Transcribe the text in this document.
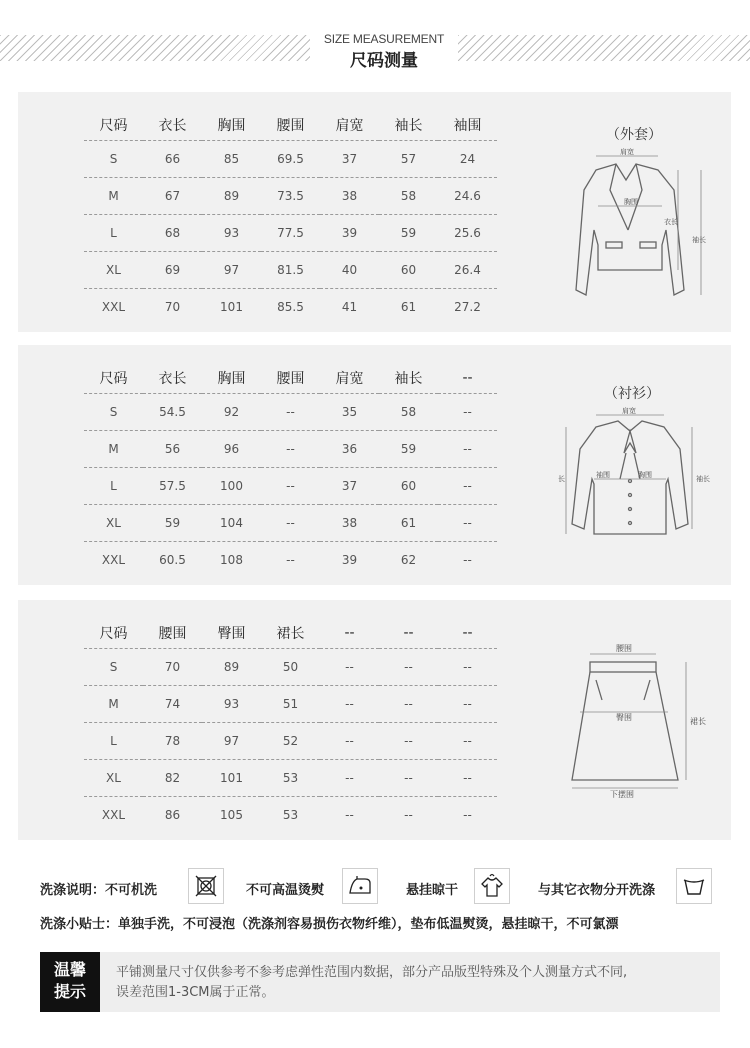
SIZE MEASUREMENT
尺码测量
尺码	衣长	胸围	腰围	肩宽	袖长	袖围
S	66	85	69.5	37	57	24
M	67	89	73.5	38	58	24.6
L	68	93	77.5	39	59	25.6
XL	69	97	81.5	40	60	26.4
XXL	70	101	85.5	41	61	27.2
（外套）
肩宽
胸围
衣长
袖长
尺码	衣长	胸围	腰围	肩宽	袖长	--
S	54.5	92	--	35	58	--
M	56	96	--	36	59	--
L	57.5	100	--	37	60	--
XL	59	104	--	38	61	--
XXL	60.5	108	--	39	62	--
（衬衫）
肩宽
胸围
袖围
长	袖长
尺码	腰围	臀围	裙长	--	--	--
S	70	89	50	--	--	--
M	74	93	51	--	--	--
L	78	97	52	--	--	--
XL	82	101	53	--	--	--
XXL	86	105	53	--	--	--
腰围
臀围	裙长
下摆围
洗涤说明：不可机洗	不可高温烫熨	悬挂晾干	与其它衣物分开洗涤
洗涤小贴士：单独手洗，不可浸泡（洗涤剂容易损伤衣物纤维），垫布低温熨烫，悬挂晾干，不可氯漂
温馨
提示
平铺测量尺寸仅供参考不参考虑弹性范围内数据，部分产品版型特殊及个人测量方式不同,
误差范围1-3CM属于正常。
